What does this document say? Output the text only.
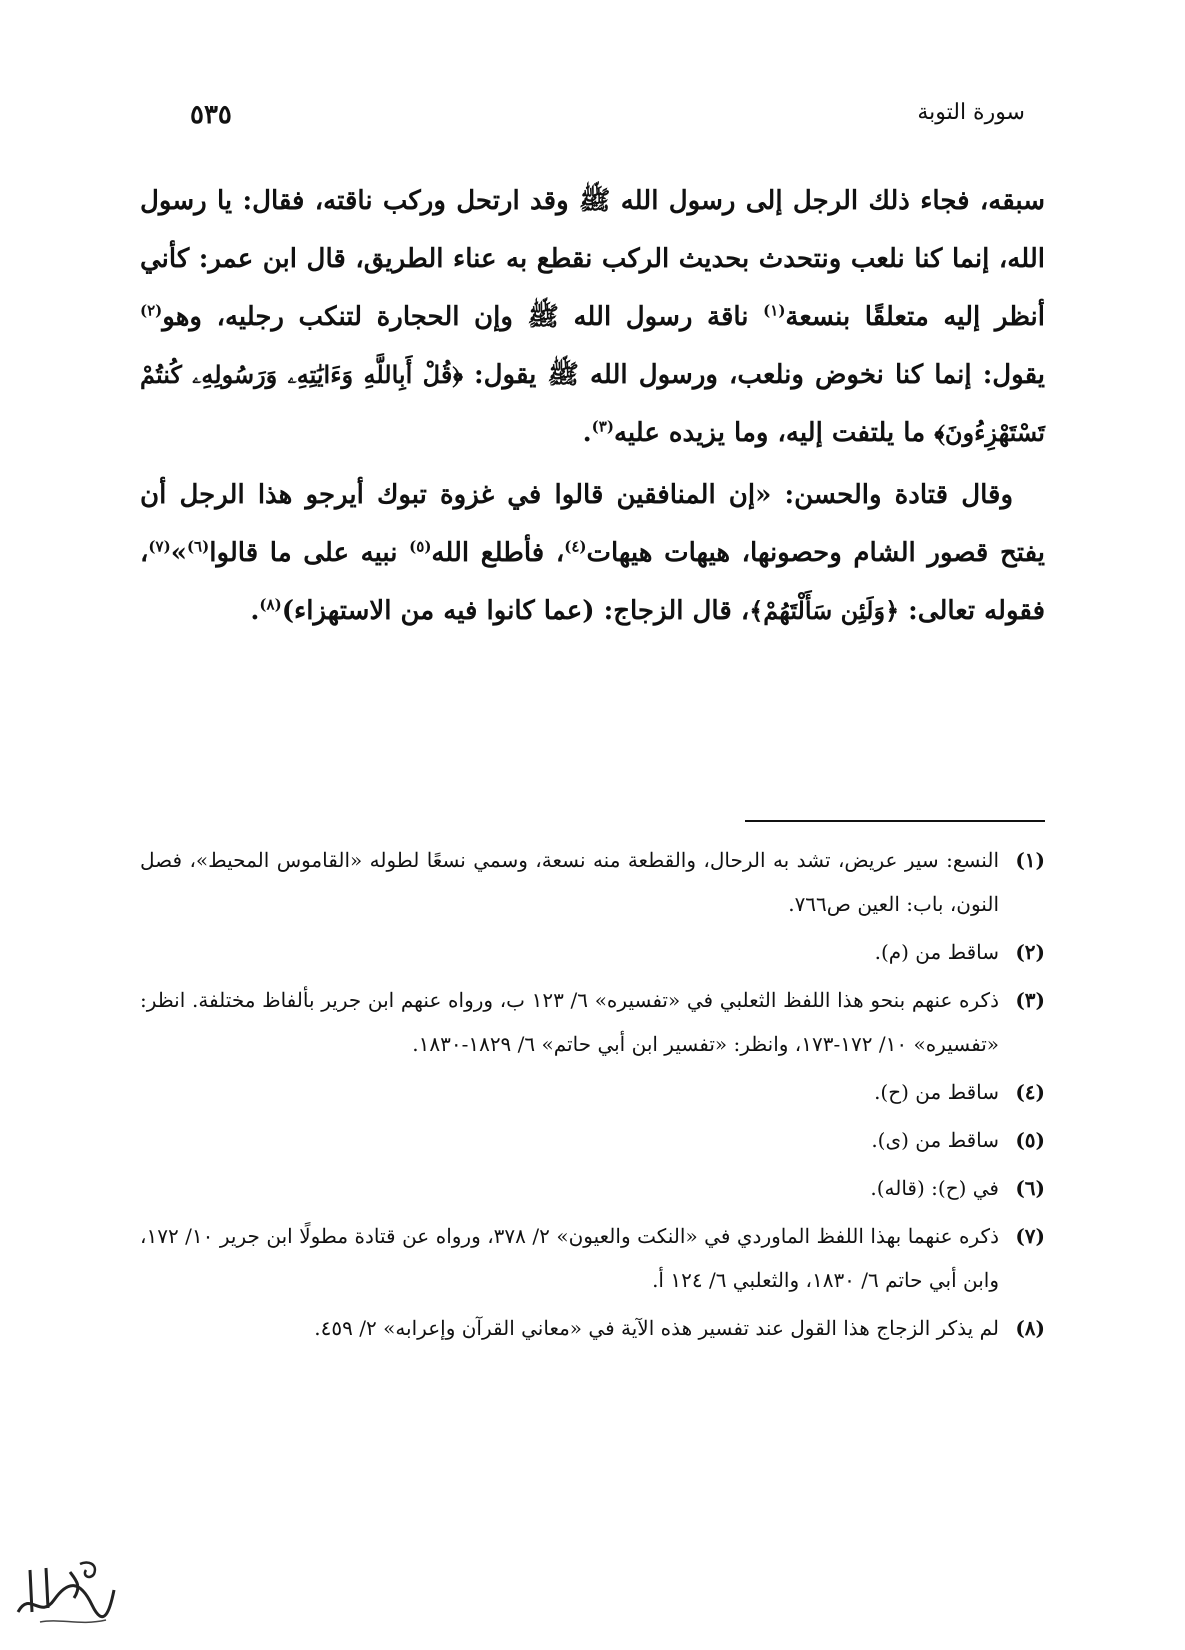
سورة التوبة
٥٣٥

سبقه، فجاء ذلك الرجل إلى رسول الله ﷺ وقد ارتحل وركب ناقته، فقال: يا رسول الله، إنما كنا نلعب ونتحدث بحديث الركب نقطع به عناء الطريق، قال ابن عمر: كأني أنظر إليه متعلقًا بنسعة$^{(١)}$ ناقة رسول الله ﷺ وإن الحجارة لتنكب رجليه، وهو$^{(٢)}$ يقول: إنما كنا نخوض ونلعب، ورسول الله ﷺ يقول: ﴿قُلْ أَبِاللَّهِ وَءَايَٰتِهِۦ وَرَسُولِهِۦ كُنتُمْ تَسْتَهْزِءُونَ﴾ ما يلتفت إليه، وما يزيده عليه$^{(٣)}$.

وقال قتادة والحسن: «إن المنافقين قالوا في غزوة تبوك أيرجو هذا الرجل أن يفتح قصور الشام وحصونها، هيهات هيهات$^{(٤)}$، فأطلع الله$^{(٥)}$ نبيه على ما قالوا$^{(٦)}$»$^{(٧)}$، فقوله تعالى: ﴿وَلَئِن سَأَلْتَهُمْ﴾، قال الزجاج: (عما كانوا فيه من الاستهزاء)$^{(٨)}$.

(١)
النسع: سير عريض، تشد به الرحال، والقطعة منه نسعة، وسمي نسعًا لطوله «القاموس المحيط»، فصل النون، باب: العين ص٧٦٦.
(٢)
ساقط من (م).
(٣)
ذكره عنهم بنحو هذا اللفظ الثعلبي في «تفسيره» ٦/ ١٢٣ ب، ورواه عنهم ابن جرير بألفاظ مختلفة. انظر: «تفسيره» ١٠/ ١٧٢-١٧٣، وانظر: «تفسير ابن أبي حاتم» ٦/ ١٨٢٩-١٨٣٠.
(٤)
ساقط من (ح).
(٥)
ساقط من (ى).
(٦)
في (ح): (قاله).
(٧)
ذكره عنهما بهذا اللفظ الماوردي في «النكت والعيون» ٢/ ٣٧٨، ورواه عن قتادة مطولًا ابن جرير ١٠/ ١٧٢، وابن أبي حاتم ٦/ ١٨٣٠، والثعلبي ٦/ ١٢٤ أ.
(٨)
لم يذكر الزجاج هذا القول عند تفسير هذه الآية في «معاني القرآن وإعرابه» ٢/ ٤٥٩.
